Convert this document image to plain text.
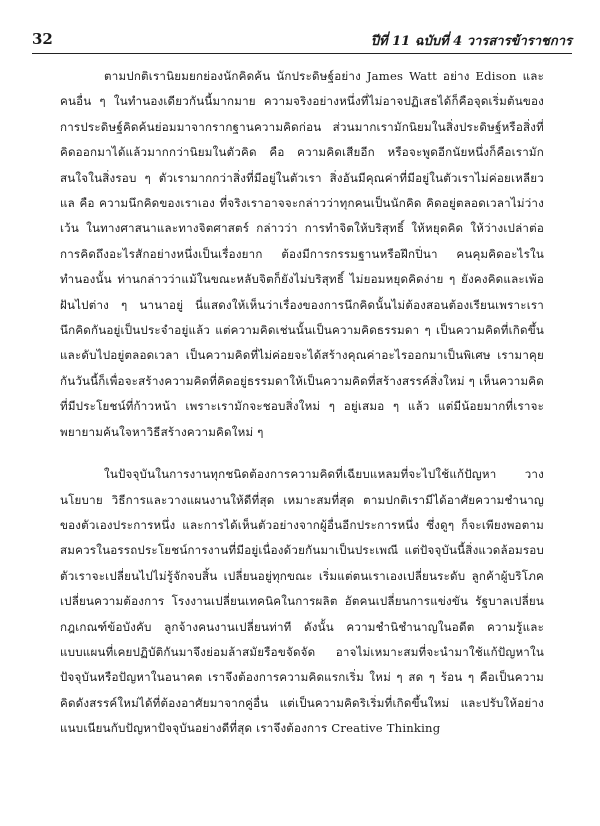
32	ปีที่ 11 ฉบับที่ 4 วารสารข้าราชการ

ตามปกติเรานิยมยกย่องนักคิดค้น นักประดิษฐ์อย่าง James Watt อย่าง Edison และคนอื่น ๆ ในทำนองเดียวกันนี้มากมาย ความจริงอย่างหนึ่งที่ไม่อาจปฏิเสธได้ก็คือจุดเริ่มต้นของการประดิษฐ์คิดค้นย่อมมาจากรากฐานความคิดก่อน ส่วนมากเรามักนิยมในสิ่งประดิษฐ์หรือสิ่งที่คิดออกมาได้แล้วมากกว่านิยมในตัวคิด คือ ความคิดเสียอีก หรือจะพูดอีกนัยหนึ่งก็คือเรามักสนใจในสิ่งรอบ ๆ ตัวเรามากกว่าสิ่งที่มีอยู่ในตัวเรา สิ่งอันมีคุณค่าที่มีอยู่ในตัวเราไม่ค่อยเหลียวแล คือ ความนึกคิดของเราเอง ที่จริงเราอาจจะกล่าวว่าทุกคนเป็นนักคิด คิดอยู่ตลอดเวลาไม่ว่างเว้น ในทางศาสนาและทางจิตศาสตร์ กล่าวว่า การทำจิตให้บริสุทธิ์ ให้หยุดคิด ให้ว่างเปล่าต่อการคิดถึงอะไรสักอย่างหนึ่งเป็นเรื่องยาก ต้องมีการกรรมฐานหรือฝึกปิ่นา คนคุมคิดอะไรในทำนองนั้น ท่านกล่าวว่าแม้ในขณะหลับจิตก็ยังไม่บริสุทธิ์ ไม่ยอมหยุดคิดง่าย ๆ ยังคงคิดและเพ้อฝันไปต่าง ๆ นานาอยู่ นี่แสดงให้เห็นว่าเรื่องของการนึกคิดนั้นไม่ต้องสอนต้องเรียนเพราะเรานึกคิดกันอยู่เป็นประจำอยู่แล้ว แต่ความคิดเช่นนั้นเป็นความคิดธรรมดา ๆ เป็นความคิดที่เกิดขึ้นและดับไปอยู่ตลอดเวลา เป็นความคิดที่ไม่ค่อยจะได้สร้างคุณค่าอะไรออกมาเป็นพิเศษ เรามาคุยกันวันนี้ก็เพื่อจะสร้างความคิดที่คิดอยู่ธรรมดาให้เป็นความคิดที่สร้างสรรค์สิ่งใหม่ ๆ เห็นความคิดที่มีประโยชน์ที่ก้าวหน้า เพราะเรามักจะชอบสิ่งใหม่ ๆ อยู่เสมอ ๆ แล้ว แต่มีน้อยมากที่เราจะพยายามค้นใจหาวิธีสร้างความคิดใหม่ ๆ

ในปัจจุบันในการงานทุกชนิดต้องการความคิดที่เฉียบแหลมที่จะไปใช้แก้ปัญหา วางนโยบาย วิธีการและวางแผนงานให้ดีที่สุด เหมาะสมที่สุด ตามปกติเรามีได้อาศัยความชำนาญของตัวเองประการหนึ่ง และการได้เห็นตัวอย่างจากผู้อื่นอีกประการหนึ่ง ซึ่งดูๆ ก็จะเพียงพอตามสมควรในอรรถประโยชน์การงานที่มีอยู่เนื่องด้วยกันมาเป็นประเพณี แต่ปัจจุบันนี้สิ่งแวดล้อมรอบตัวเราจะเปลี่ยนไปไม่รู้จักจบสิ้น เปลี่ยนอยู่ทุกขณะ เริ่มแต่ตนเราเองเปลี่ยนระดับ ลูกค้าผู้บริโภคเปลี่ยนความต้องการ โรงงานเปลี่ยนเทคนิคในการผลิต อัตคนเปลี่ยนการแข่งขัน รัฐบาลเปลี่ยนกฎเกณฑ์ข้อบังคับ ลูกจ้างคนงานเปลี่ยนท่าที ดังนั้น ความชำนิชำนาญในอดีต ความรู้และแบบแผนที่เคยปฏิบัติกันมาจึงย่อมล้าสมัยรือขจัดจัด อาจไม่เหมาะสมที่จะนำมาใช้แก้ปัญหาในปัจจุบันหรือปัญหาในอนาคต เราจึงต้องการความคิดแรกเริ่ม ใหม่ ๆ สด ๆ ร้อน ๆ คือเป็นความคิดดังสรรค์ใหม่ได้ที่ต้องอาศัยมาจากคู่อื่น แต่เป็นความคิดริเริ่มที่เกิดขึ้นใหม่ และปรับให้อย่างแนบเนียนกับปัญหาปัจจุบันอย่างดีที่สุด เราจึงต้องการ Creative Thinking
